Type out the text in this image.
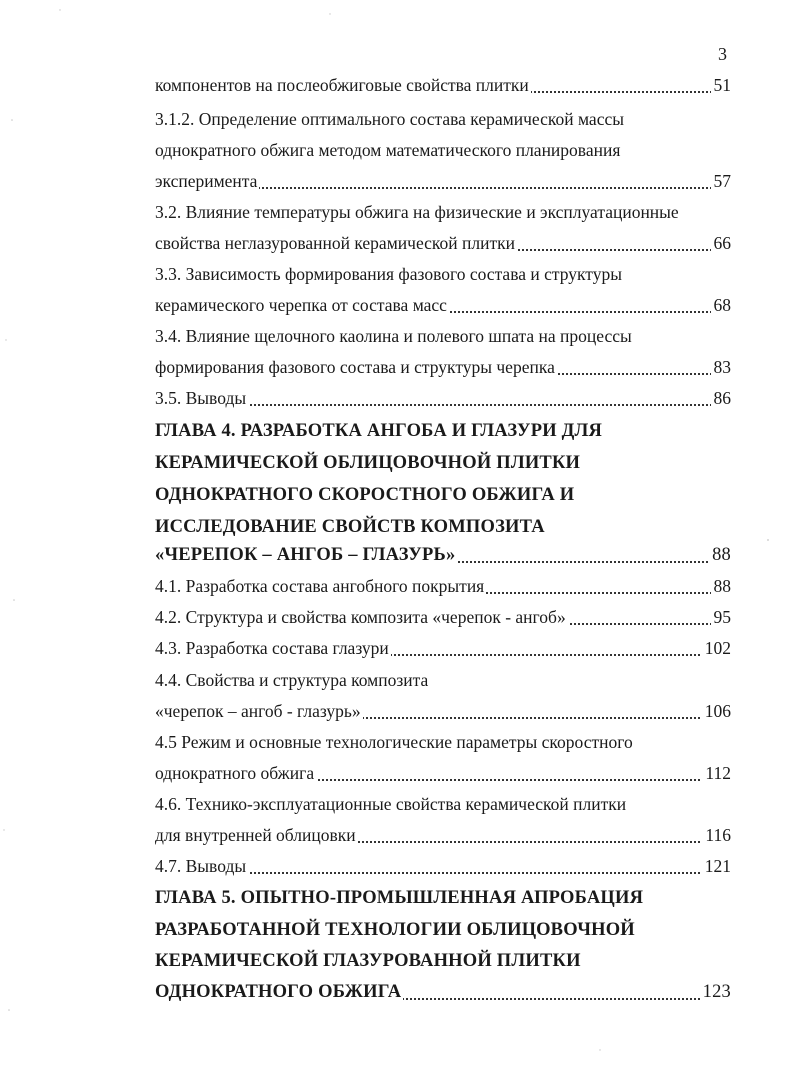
3
компонентов на послеобжиговые свойства плитки	51
3.1.2. Определение оптимального состава керамической массы
однократного обжига методом математического планирования
эксперимента	57
3.2. Влияние температуры обжига на физические и эксплуатационные
свойства неглазурованной керамической плитки	66
3.3. Зависимость формирования фазового состава и структуры
керамического черепка от состава масс	68
3.4. Влияние щелочного каолина и полевого шпата на процессы
формирования фазового состава и структуры черепка	83
3.5. Выводы	86
ГЛАВА 4. РАЗРАБОТКА АНГОБА И ГЛАЗУРИ ДЛЯ
КЕРАМИЧЕСКОЙ ОБЛИЦОВОЧНОЙ ПЛИТКИ
ОДНОКРАТНОГО СКОРОСТНОГО ОБЖИГА И
ИССЛЕДОВАНИЕ СВОЙСТВ КОМПОЗИТА
«ЧЕРЕПОК – АНГОБ – ГЛАЗУРЬ»	88
4.1. Разработка состава ангобного покрытия	88
4.2. Структура и свойства композита «черепок - ангоб»	95
4.3. Разработка состава глазури	102
4.4. Свойства и структура композита
«черепок – ангоб - глазурь»	106
4.5 Режим и основные технологические параметры скоростного
однократного обжига	112
4.6. Технико-эксплуатационные свойства керамической плитки
для внутренней облицовки	116
4.7. Выводы	121
ГЛАВА 5. ОПЫТНО-ПРОМЫШЛЕННАЯ АПРОБАЦИЯ
РАЗРАБОТАННОЙ ТЕХНОЛОГИИ ОБЛИЦОВОЧНОЙ
КЕРАМИЧЕСКОЙ ГЛАЗУРОВАННОЙ ПЛИТКИ
ОДНОКРАТНОГО ОБЖИГА	123
